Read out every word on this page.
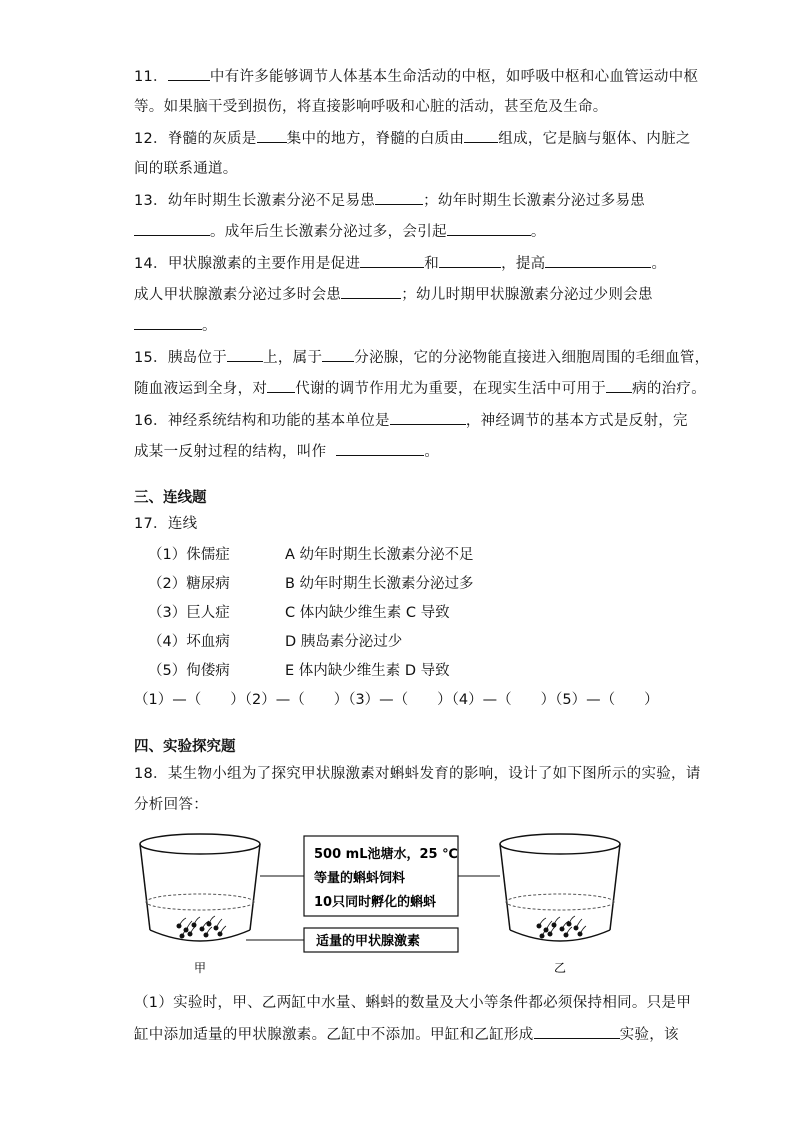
11．	中有许多能够调节人体基本生命活动的中枢，如呼吸中枢和心血管运动中枢
等。如果脑干受到损伤，将直接影响呼吸和心脏的活动，甚至危及生命。
12．脊髓的灰质是 集中的地方，脊髓的白质由 组成，它是脑与躯体、内脏之
间的联系通道。
13．幼年时期生长激素分泌不足易患	；幼年时期生长激素分泌过多易患
。成年后生长激素分泌过多，会引起	。
14．甲状腺激素的主要作用是促进	和	，提高	。
成人甲状腺激素分泌过多时会患	；幼儿时期甲状腺激素分泌过少则会患
。
15．胰岛位于 上，属于 分泌腺，它的分泌物能直接进入细胞周围的毛细血管，
随血液运到全身，对 代谢的调节作用尤为重要，在现实生活中可用于 病的治疗。
16．神经系统结构和功能的基本单位是	，神经调节的基本方式是反射，完
成某一反射过程的结构，叫作	。
三、连线题
17．连线
（1）侏儒症	A 幼年时期生长激素分泌不足
（2）糖尿病	B 幼年时期生长激素分泌过多
（3）巨人症	C 体内缺少维生素 C 导致
（4）坏血病	D 胰岛素分泌过少
（5）佝偻病	E 体内缺少维生素 D 导致
（1）—（　　）（2）—（　　）（3）—（　　）（4）—（　　）（5）—（　　）
四、实验探究题
18．某生物小组为了探究甲状腺激素对蝌蚪发育的影响，设计了如下图所示的实验，请
分析回答：
甲	乙
500 mL池塘水，25 ℃
等量的蝌蚪饲料
10只同时孵化的蝌蚪
适量的甲状腺激素
（1）实验时，甲、乙两缸中水量、蝌蚪的数量及大小等条件都必须保持相同。只是甲
缸中添加适量的甲状腺激素。乙缸中不添加。甲缸和乙缸形成	实验，该
